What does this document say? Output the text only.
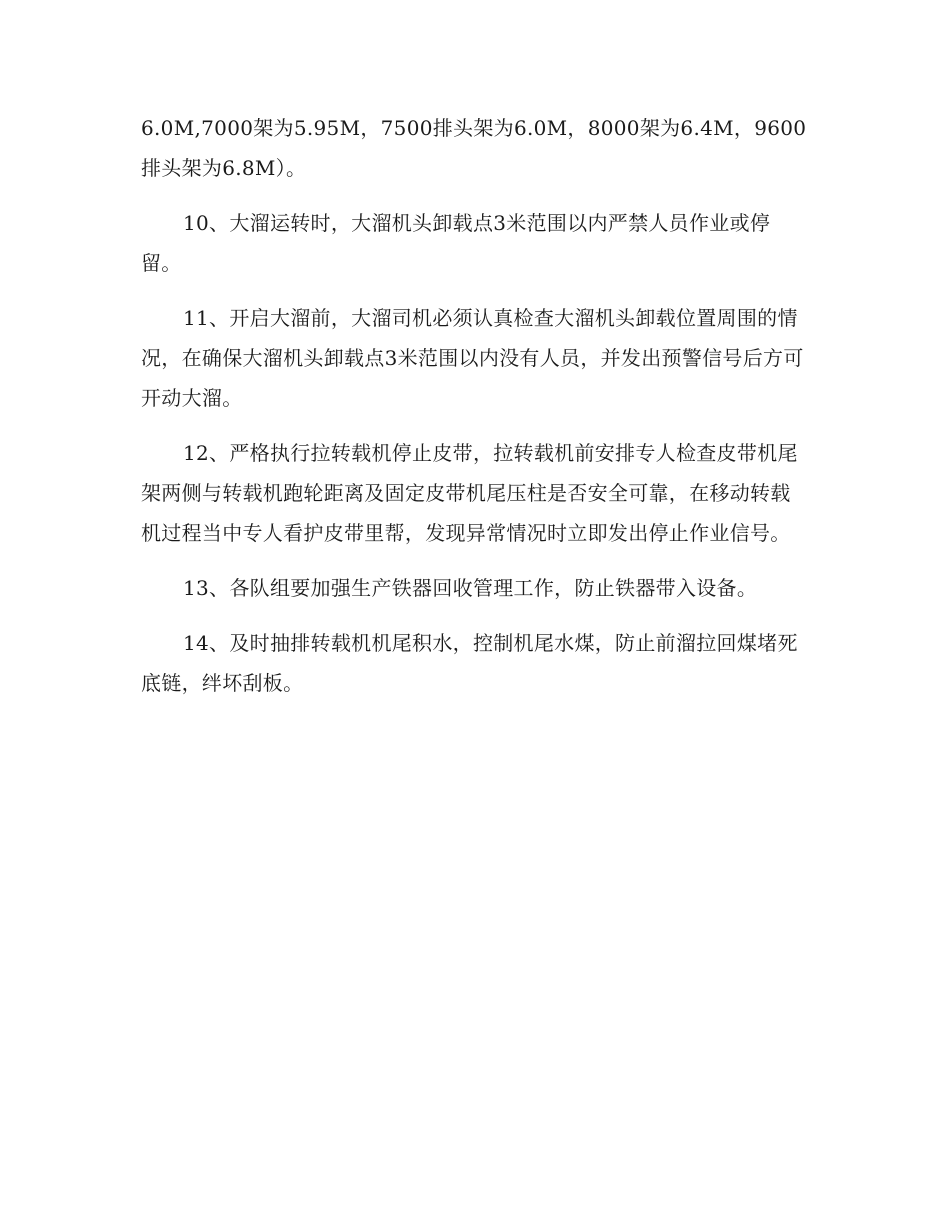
6.0M,7000架为5.95M，7500排头架为6.0M，8000架为6.4M，9600排头架为6.8M）。

10、大溜运转时，大溜机头卸载点3米范围以内严禁人员作业或停留。

11、开启大溜前，大溜司机必须认真检查大溜机头卸载位置周围的情况，在确保大溜机头卸载点3米范围以内没有人员，并发出预警信号后方可开动大溜。

12、严格执行拉转载机停止皮带，拉转载机前安排专人检查皮带机尾架两侧与转载机跑轮距离及固定皮带机尾压柱是否安全可靠，在移动转载机过程当中专人看护皮带里帮，发现异常情况时立即发出停止作业信号。

13、各队组要加强生产铁器回收管理工作，防止铁器带入设备。

14、及时抽排转载机机尾积水，控制机尾水煤，防止前溜拉回煤堵死底链，绊坏刮板。
